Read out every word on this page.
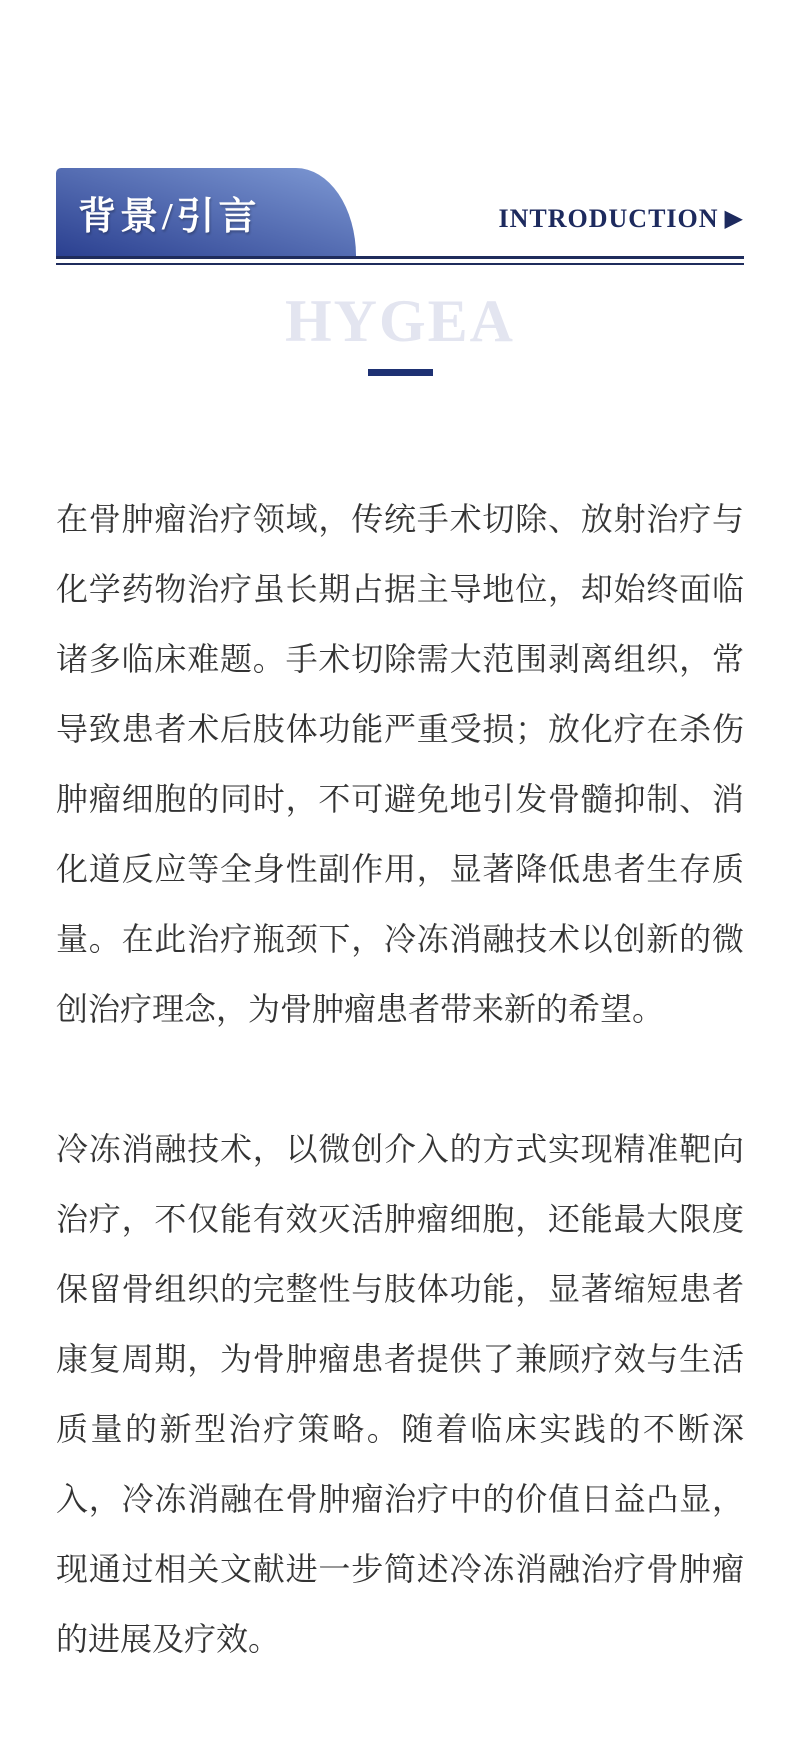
背景/引言	INTRODUCTION ▶
HYGEA

在骨肿瘤治疗领域，传统手术切除、放射治疗与化学药物治疗虽长期占据主导地位，却始终面临诸多临床难题。手术切除需大范围剥离组织，常导致患者术后肢体功能严重受损；放化疗在杀伤肿瘤细胞的同时，不可避免地引发骨髓抑制、消化道反应等全身性副作用，显著降低患者生存质量。在此治疗瓶颈下，冷冻消融技术以创新的微创治疗理念，为骨肿瘤患者带来新的希望。

冷冻消融技术，以微创介入的方式实现精准靶向治疗，不仅能有效灭活肿瘤细胞，还能最大限度保留骨组织的完整性与肢体功能，显著缩短患者康复周期，为骨肿瘤患者提供了兼顾疗效与生活质量的新型治疗策略。随着临床实践的不断深入，冷冻消融在骨肿瘤治疗中的价值日益凸显，现通过相关文献进一步简述冷冻消融治疗骨肿瘤的进展及疗效。
